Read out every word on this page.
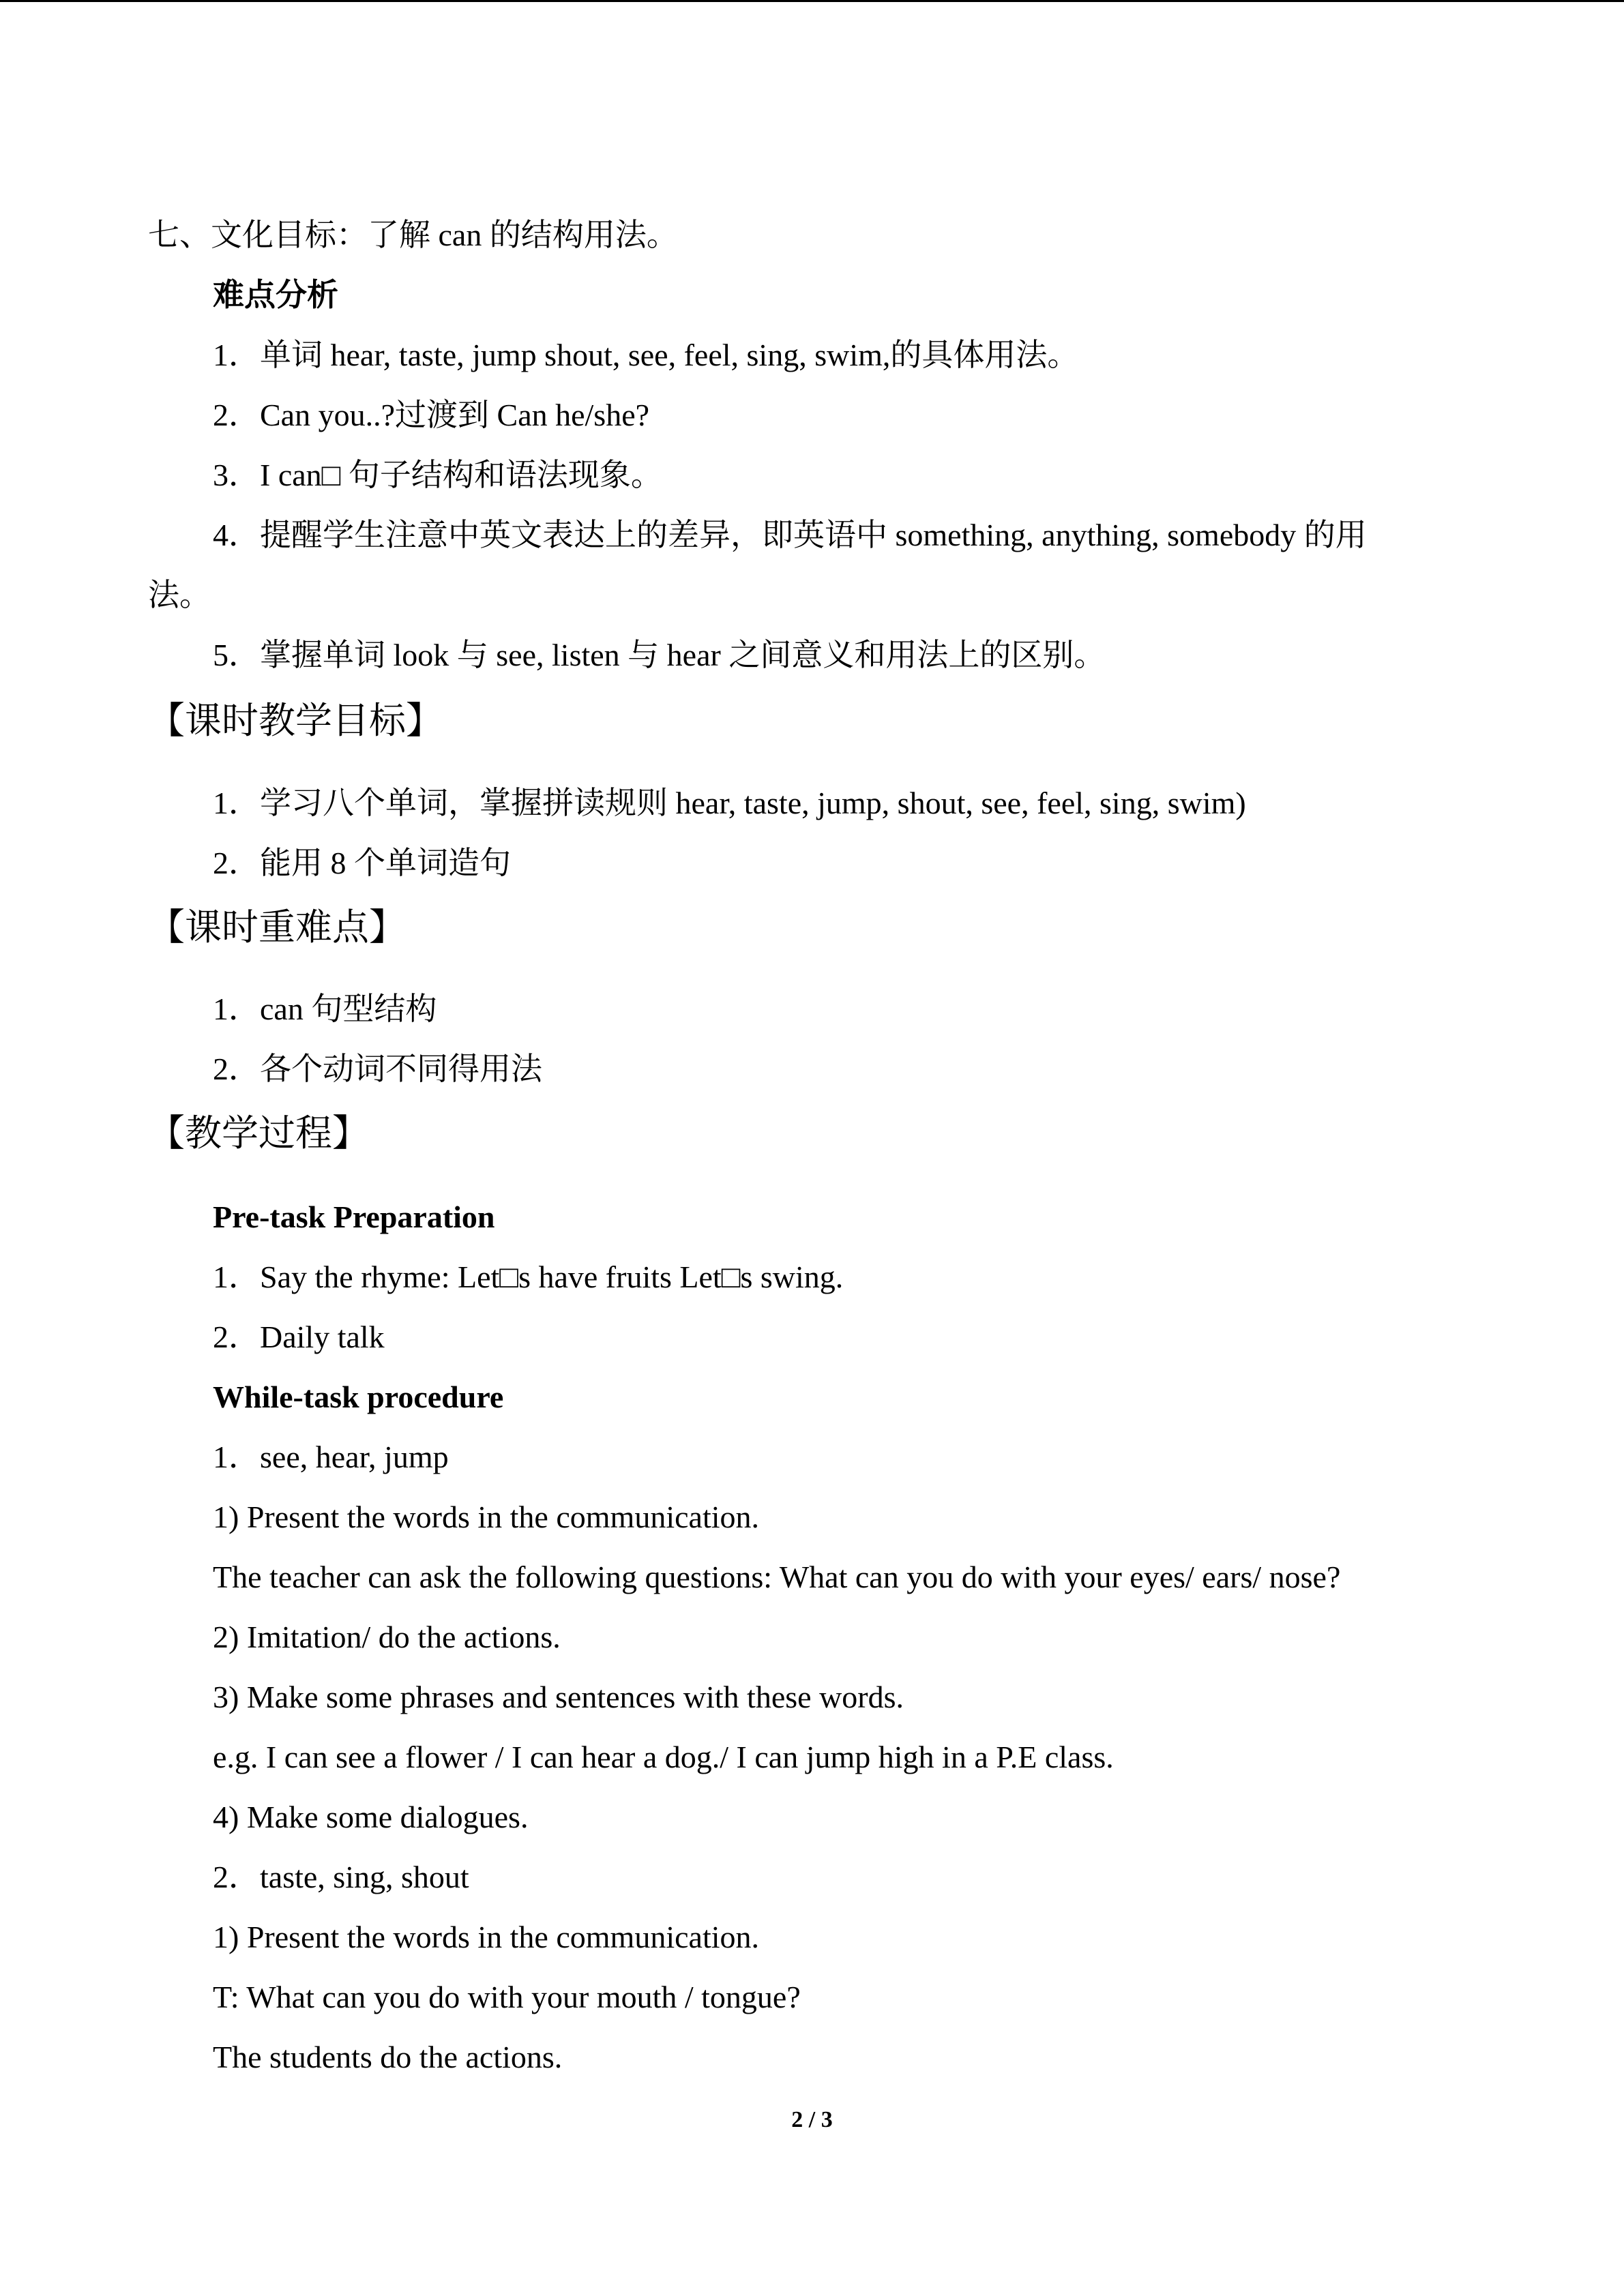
七、文化目标：了解 can 的结构用法。
难点分析
1．单词 hear, taste, jump shout, see, feel, sing, swim,的具体用法。
2．Can you..?过渡到 Can he/she?
3．I can□ 句子结构和语法现象。
4．提醒学生注意中英文表达上的差异，即英语中 something, anything, somebody 的用
法。
5．掌握单词 look 与 see, listen 与 hear 之间意义和用法上的区别。
【课时教学目标】
1．学习八个单词，掌握拼读规则 hear, taste, jump, shout, see, feel, sing, swim)
2．能用 8 个单词造句
【课时重难点】
1．can 句型结构
2．各个动词不同得用法
【教学过程】
Pre-task Preparation
1．Say the rhyme: Let□s have fruits Let□s swing.
2．Daily talk
While-task procedure
1．see, hear, jump
1) Present the words in the communication.
The teacher can ask the following questions: What can you do with your eyes/ ears/ nose?
2) Imitation/ do the actions.
3) Make some phrases and sentences with these words.
e.g. I can see a flower / I can hear a dog./ I can jump high in a P.E class.
4) Make some dialogues.
2．taste, sing, shout
1) Present the words in the communication.
T: What can you do with your mouth / tongue?
The students do the actions.
2 / 3
